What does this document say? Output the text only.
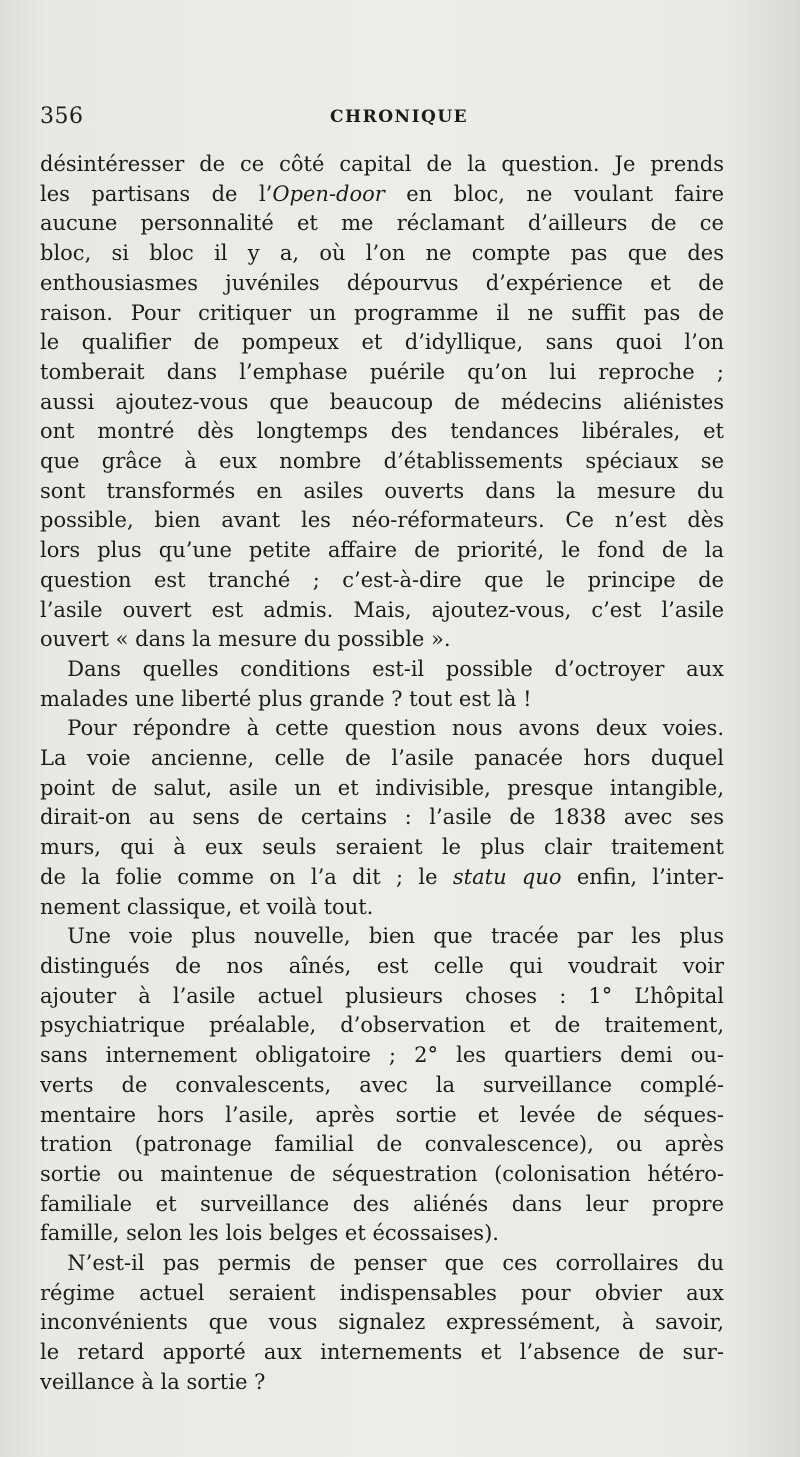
356	CHRONIQUE

désintéresser de ce côté capital de la question. Je prends
les partisans de l’Open-door en bloc, ne voulant faire
aucune personnalité et me réclamant d’ailleurs de ce
bloc, si bloc il y a, où l’on ne compte pas que des
enthousiasmes juvéniles dépourvus d’expérience et de
raison. Pour critiquer un programme il ne suffit pas de
le qualifier de pompeux et d’idyllique, sans quoi l’on
tomberait dans l’emphase puérile qu’on lui reproche ;
aussi ajoutez-vous que beaucoup de médecins aliénistes
ont montré dès longtemps des tendances libérales, et
que grâce à eux nombre d’établissements spéciaux se
sont transformés en asiles ouverts dans la mesure du
possible, bien avant les néo-réformateurs. Ce n’est dès
lors plus qu’une petite affaire de priorité, le fond de la
question est tranché ; c’est-à-dire que le principe de
l’asile ouvert est admis. Mais, ajoutez-vous, c’est l’asile
ouvert « dans la mesure du possible ».

Dans quelles conditions est-il possible d’octroyer aux
malades une liberté plus grande ? tout est là !

Pour répondre à cette question nous avons deux voies.
La voie ancienne, celle de l’asile panacée hors duquel
point de salut, asile un et indivisible, presque intangible,
dirait-on au sens de certains : l’asile de 1838 avec ses
murs, qui à eux seuls seraient le plus clair traitement
de la folie comme on l’a dit ; le statu quo enfin, l’inter-
nement classique, et voilà tout.

Une voie plus nouvelle, bien que tracée par les plus
distingués de nos aînés, est celle qui voudrait voir
ajouter à l’asile actuel plusieurs choses : 1° L’hôpital
psychiatrique préalable, d’observation et de traitement,
sans internement obligatoire ; 2° les quartiers demi ou-
verts de convalescents, avec la surveillance complé-
mentaire hors l’asile, après sortie et levée de séques-
tration (patronage familial de convalescence), ou après
sortie ou maintenue de séquestration (colonisation hétéro-
familiale et surveillance des aliénés dans leur propre
famille, selon les lois belges et écossaises).

N’est-il pas permis de penser que ces corrollaires du
régime actuel seraient indispensables pour obvier aux
inconvénients que vous signalez expressément, à savoir,
le retard apporté aux internements et l’absence de sur-
veillance à la sortie ?
